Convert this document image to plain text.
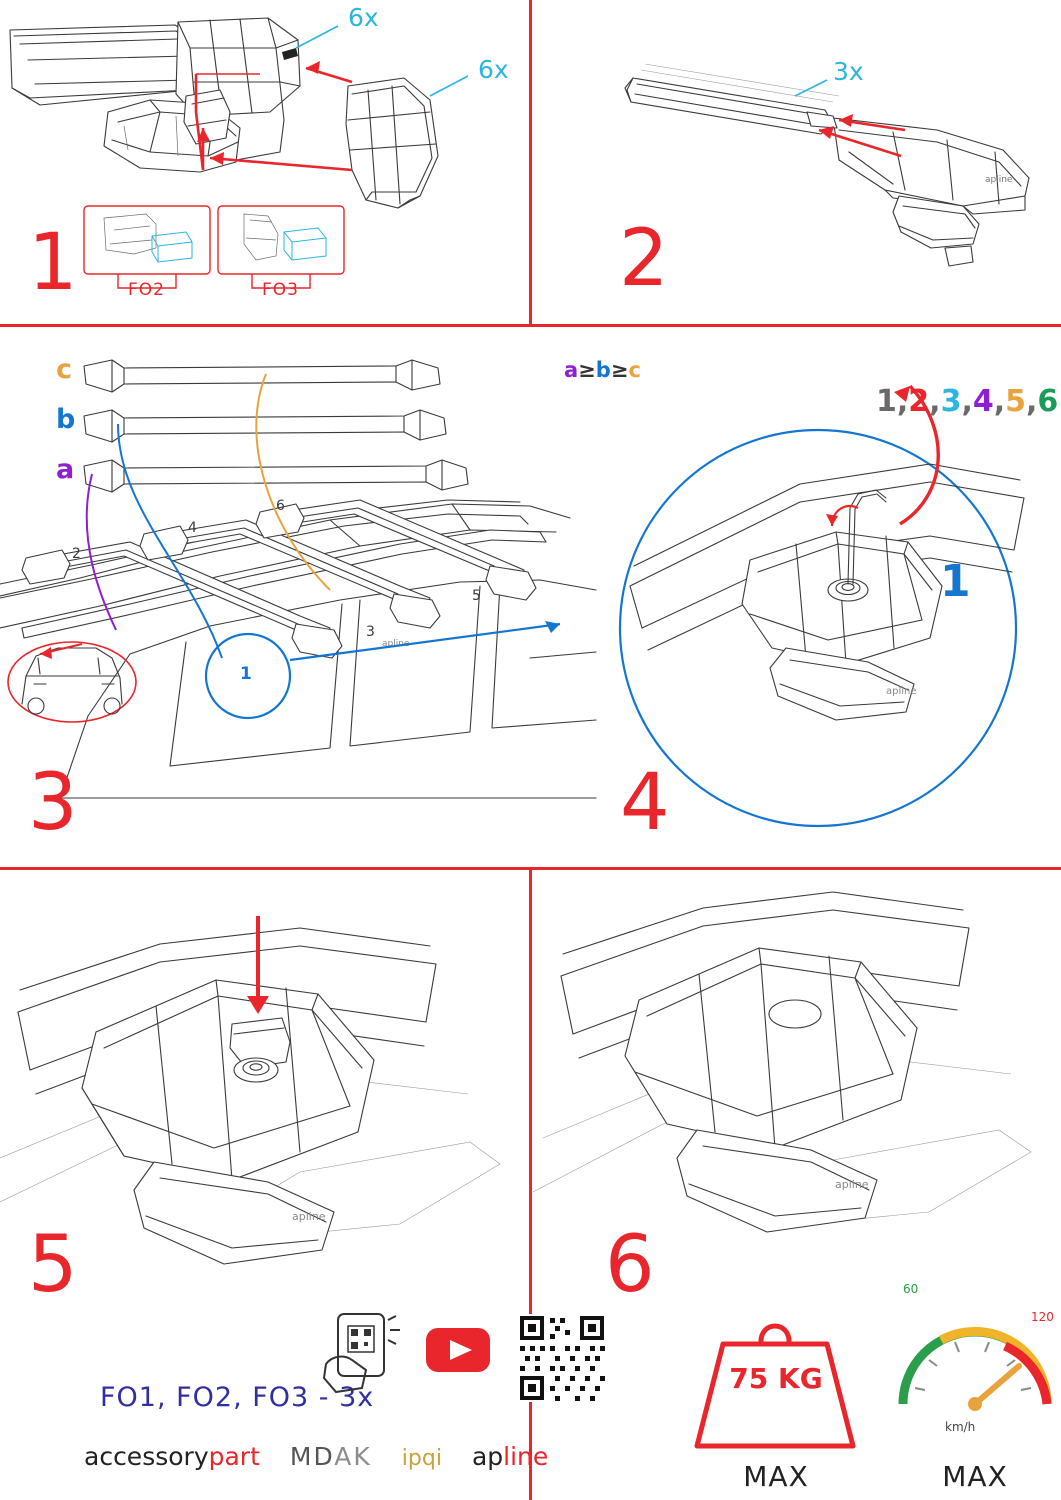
6x
6x
FO2	FO3
1
apline
3x
2
apline
c
b
a
2
4
6
3
5
1
3
a≥b≥c
apline
1,2,3,4,5,6
1
4
apline
5
FO1, FO2, FO3 - 3x
accessorypart MDAK ipqi apline
apline
6
75 KG
MAX
60
120
km/h
MAX
